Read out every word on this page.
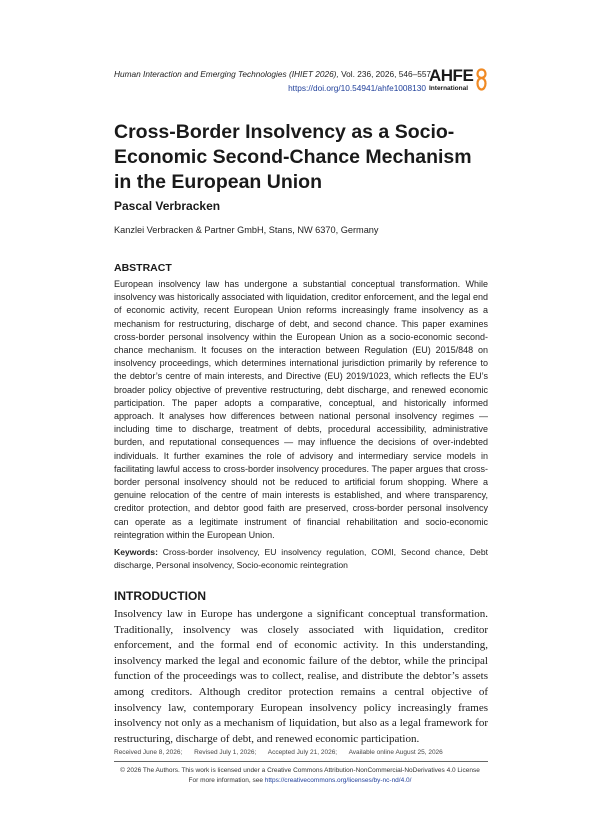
Human Interaction and Emerging Technologies (IHIET 2026), Vol. 236, 2026, 546–557
https://doi.org/10.54941/ahfe1008130
AHFE
International
Cross-Border Insolvency as a Socio-Economic Second-Chance Mechanism in the European Union
Pascal Verbracken
Kanzlei Verbracken & Partner GmbH, Stans, NW 6370, Germany
ABSTRACT

European insolvency law has undergone a substantial conceptual transformation. While insolvency was historically associated with liquidation, creditor enforcement, and the legal end of economic activity, recent European Union reforms increasingly frame insolvency as a mechanism for restructuring, discharge of debt, and second chance. This paper examines cross-border personal insolvency within the European Union as a socio-economic second-chance mechanism. It focuses on the interaction between Regulation (EU) 2015/848 on insolvency proceedings, which determines international jurisdiction primarily by reference to the debtor’s centre of main interests, and Directive (EU) 2019/1023, which reflects the EU’s broader policy objective of preventive restructuring, debt discharge, and renewed economic participation. The paper adopts a comparative, conceptual, and historically informed approach. It analyses how differences between national personal insolvency regimes — including time to discharge, treatment of debts, procedural accessibility, administrative burden, and reputational consequences — may influence the decisions of over-indebted individuals. It further examines the role of advisory and intermediary service models in facilitating lawful access to cross-border insolvency procedures. The paper argues that cross-border personal insolvency should not be reduced to artificial forum shopping. Where a genuine relocation of the centre of main interests is established, and where transparency, creditor protection, and debtor good faith are preserved, cross-border personal insolvency can operate as a legitimate instrument of financial rehabilitation and socio-economic reintegration within the European Union.

Keywords: Cross-border insolvency, EU insolvency regulation, COMI, Second chance, Debt discharge, Personal insolvency, Socio-economic reintegration

INTRODUCTION

Insolvency law in Europe has undergone a significant conceptual transformation. Traditionally, insolvency was closely associated with liquidation, creditor enforcement, and the formal end of economic activity. In this understanding, insolvency marked the legal and economic failure of the debtor, while the principal function of the proceedings was to collect, realise, and distribute the debtor’s assets among creditors. Although creditor protection remains a central objective of insolvency law, contemporary European insolvency policy increasingly frames insolvency not only as a mechanism of liquidation, but also as a legal framework for restructuring, discharge of debt, and renewed economic participation.

Received June 8, 2026; Revised July 1, 2026; Accepted July 21, 2026; Available online August 25, 2026
© 2026 The Authors. This work is licensed under a Creative Commons Attribution-NonCommercial-NoDerivatives 4.0 License
For more information, see https://creativecommons.org/licenses/by-nc-nd/4.0/
